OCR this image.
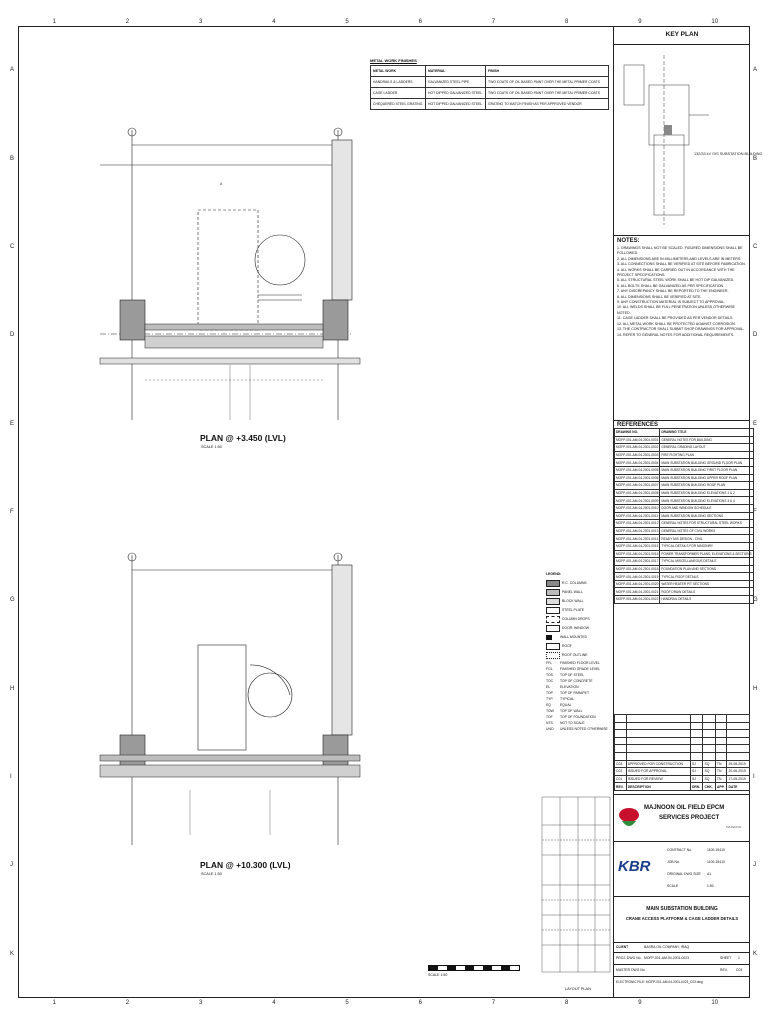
1	2	3	4	5	6	7	8	9	10
1	2	3	4	5	6	7	8	9	10
A
B
C
D
E
F
G
H
I
J
K
A
B
C
D
E
F
G
H
I
J
K
METAL WORK FINISHES
METAL WORK	MATERIAL	FINISH
HANDRAILS & LADDERS	GALVANIZED STEEL PIPE	TWO COATS OF OIL BASED PAINT OVER THE METAL PRIMER COATS
CAGE LADDER	HOT DIPPED GALVANIZED STEEL	TWO COATS OF OIL BASED PAINT OVER THE METAL PRIMER COATS
CHEQUERED STEEL GRATING	HOT DIPPED GALVANIZED STEEL	GRATING TO MATCH FINISH AS PER APPROVED VENDOR
A
PLAN @ +3.450 (LVL)
SCALE 1:50
PLAN @ +10.300 (LVL)
SCALE 1:50
LEGEND:
R.C. COLUMNS
PANEL WALL
BLOCK WALL
STEEL PLATE
COLUMN DROPS
DOOR, WINDOW
WALL MOUNTED
ROOF
ROOF OUTLINE
FFL FINISHED FLOOR LEVEL
FGL FINISHED GRADE LEVEL
TOS TOP OF STEEL
TOC TOP OF CONCRETE
EL	ELEVATION
TOP TOP OF PARAPET
TYP. TYPICAL
EQ	EQUAL
TOW TOP OF WALL
TOF TOP OF FOUNDATION
NTS NOT TO SCALE
UNO UNLESS NOTED OTHERWISE
LAYOUT PLAN
SCALE 1:50
KEY PLAN
132/33 kV GIS SUBSTATION BUILDING
NOTES:

1. DRAWINGS SHALL NOT BE SCALED. FIGURED DIMENSIONS SHALL BE FOLLOWED.

2. ALL DIMENSIONS ARE IN MILLIMETERS AND LEVELS ARE IN METERS.

3. ALL CONNECTIONS SHALL BE VERIFIED AT SITE BEFORE FABRICATION.

4. ALL WORKS SHALL BE CARRIED OUT IN ACCORDANCE WITH THE PROJECT SPECIFICATIONS.

5. ALL STRUCTURAL STEEL WORK SHALL BE HOT DIP GALVANIZED.

6. ALL BOLTS SHALL BE GALVANIZED AS PER SPECIFICATION.

7. ANY DISCREPANCY SHALL BE REPORTED TO THE ENGINEER.

8. ALL DIMENSIONS SHALL BE VERIFIED AT SITE.

9. ANY CONSTRUCTION MATERIAL IS SUBJECT TO APPROVAL.

10. ALL WELDS SHALL BE FULL PENETRATION UNLESS OTHERWISE NOTED.

11. CAGE LADDER SHALL BE PROVIDED AS PER VENDOR DETAILS.

12. ALL METAL WORK SHALL BE PROTECTED AGAINST CORROSION.

13. THE CONTRACTOR SHALL SUBMIT SHOP DRAWINGS FOR APPROVAL.

14. REFER TO GENERAL NOTES FOR ADDITIONAL REQUIREMENTS.

REFERENCES
DRAWING NO.	DRAWING TITLE
MOFP-001-AM-04-2001-0001	GENERAL NOTES FOR BUILDING
MOFP-001-AM-04-2001-0002	GENERAL GRADING LAYOUT
MOFP-001-AM-04-2001-0003	FIRE FIGHTING PLAN
MOFP-001-AM-04-2001-0004	MAIN SUBSTATION BUILDING GROUND FLOOR PLAN
MOFP-001-AM-04-2001-0005	MAIN SUBSTATION BUILDING FIRST FLOOR PLAN
MOFP-001-AM-04-2001-0006	MAIN SUBSTATION BUILDING UPPER ROOF PLAN
MOFP-001-AM-04-2001-0007	MAIN SUBSTATION BUILDING ROOF PLAN
MOFP-001-AM-04-2001-0008	MAIN SUBSTATION BUILDING ELEVATIONS 1 & 2
MOFP-001-AM-04-2001-0009	MAIN SUBSTATION BUILDING ELEVATIONS 3 & 4
MOFP-001-AM-04-2001-0010	DOOR AND WINDOW SCHEDULE
MOFP-001-AM-04-2001-0011	MAIN SUBSTATION BUILDING SECTIONS
MOFP-001-AM-04-2001-0012	GENERAL NOTES FOR STRUCTURAL STEEL WORKS
MOFP-001-AM-04-2001-0013	GENERAL NOTES OF CIVIL WORKS
MOFP-001-AM-04-2001-0014	READY MIX DESIGN - CIVIL
MOFP-001-AM-04-2001-0015	TYPICAL DETAILS FOR MASONRY
MOFP-001-AM-04-2001-0016	POWER TRANSFORMER PLANS, ELEVATIONS & SECTIONS
MOFP-001-AM-04-2001-0017	TYPICAL MISCELLANEOUS DETAILS
MOFP-001-AM-04-2001-0018	FOUNDATION PLAN AND SECTIONS
MOFP-001-AM-04-2001-0019	TYPICAL ROOF DETAILS
MOFP-001-AM-04-2001-0020	WATER HEATER PIT SECTIONS
MOFP-001-AM-04-2001-0021	ROOF DRAIN DETAILS
MOFP-001-AM-04-2001-0022	HANDRAIL DETAILS

C03	APPROVED FOR CONSTRUCTION	SJ	SQ	TN	29-08-2019
C02	ISSUED FOR APPROVAL	SJ	SQ	TN	20-06-2019
C01	ISSUED FOR REVIEW	SJ	SQ	TN	17-05-2019
REV.	DESCRIPTION	DRN.	CHK.	APP.	DATE
MAJNOON OIL FIELD EPCM
SERVICES PROJECT
MAJNOON
KBR
CONTRACT No.	1100-15410
JOB No.	1100-15410
ORIGINAL DWG SIZE	A1
SCALE	1:50
MAIN SUBSTATION BUILDING
CRANE ACCESS PLATFORM & CAGE LADDER DETAILS
CLIENT	BASRA OIL COMPANY, IRAQ
PROJ. DWG No. MOFP-001-AM-04-2001-0023	SHEET 1
MASTER DWG No.	REV. C03
ELECTRONIC FILE: MOFP-001-AM-04-2001-0023_C03.dwg
